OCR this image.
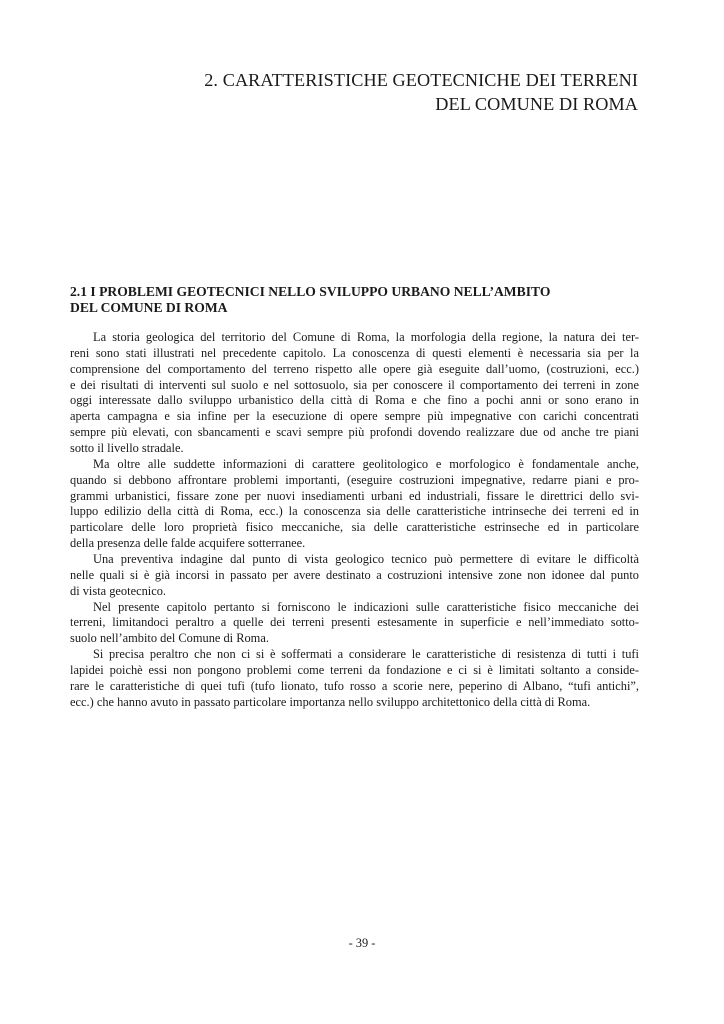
2. CARATTERISTICHE GEOTECNICHE DEI TERRENI
DEL COMUNE DI ROMA
2.1 I PROBLEMI GEOTECNICI NELLO SVILUPPO URBANO NELL’AMBITO
DEL COMUNE DI ROMA

La storia geologica del territorio del Comune di Roma, la morfologia della regione, la natura dei ter-
reni sono stati illustrati nel precedente capitolo. La conoscenza di questi elementi è necessaria sia per la
comprensione del comportamento del terreno rispetto alle opere già eseguite dall’uomo, (costruzioni, ecc.)
e dei risultati di interventi sul suolo e nel sottosuolo, sia per conoscere il comportamento dei terreni in zone
oggi interessate dallo sviluppo urbanistico della città di Roma e che fino a pochi anni or sono erano in
aperta campagna e sia infine per la esecuzione di opere sempre più impegnative con carichi concentrati
sempre più elevati, con sbancamenti e scavi sempre più profondi dovendo realizzare due od anche tre piani
sotto il livello stradale.

Ma oltre alle suddette informazioni di carattere geolitologico e morfologico è fondamentale anche,
quando si debbono affrontare problemi importanti, (eseguire costruzioni impegnative, redarre piani e pro-
grammi urbanistici, fissare zone per nuovi insediamenti urbani ed industriali, fissare le direttrici dello svi-
luppo edilizio della città di Roma, ecc.) la conoscenza sia delle caratteristiche intrinseche dei terreni ed in
particolare delle loro proprietà fisico meccaniche, sia delle caratteristiche estrinseche ed in particolare
della presenza delle falde acquifere sotterranee.

Una preventiva indagine dal punto di vista geologico tecnico può permettere di evitare le difficoltà
nelle quali si è già incorsi in passato per avere destinato a costruzioni intensive zone non idonee dal punto
di vista geotecnico.

Nel presente capitolo pertanto si forniscono le indicazioni sulle caratteristiche fisico meccaniche dei
terreni, limitandoci peraltro a quelle dei terreni presenti estesamente in superficie e nell’immediato sotto-
suolo nell’ambito del Comune di Roma.

Si precisa peraltro che non ci si è soffermati a considerare le caratteristiche di resistenza di tutti i tufi
lapidei poichè essi non pongono problemi come terreni da fondazione e ci si è limitati soltanto a conside-
rare le caratteristiche di quei tufi (tufo lionato, tufo rosso a scorie nere, peperino di Albano, “tufi antichi”,
ecc.) che hanno avuto in passato particolare importanza nello sviluppo architettonico della città di Roma.

- 39 -
